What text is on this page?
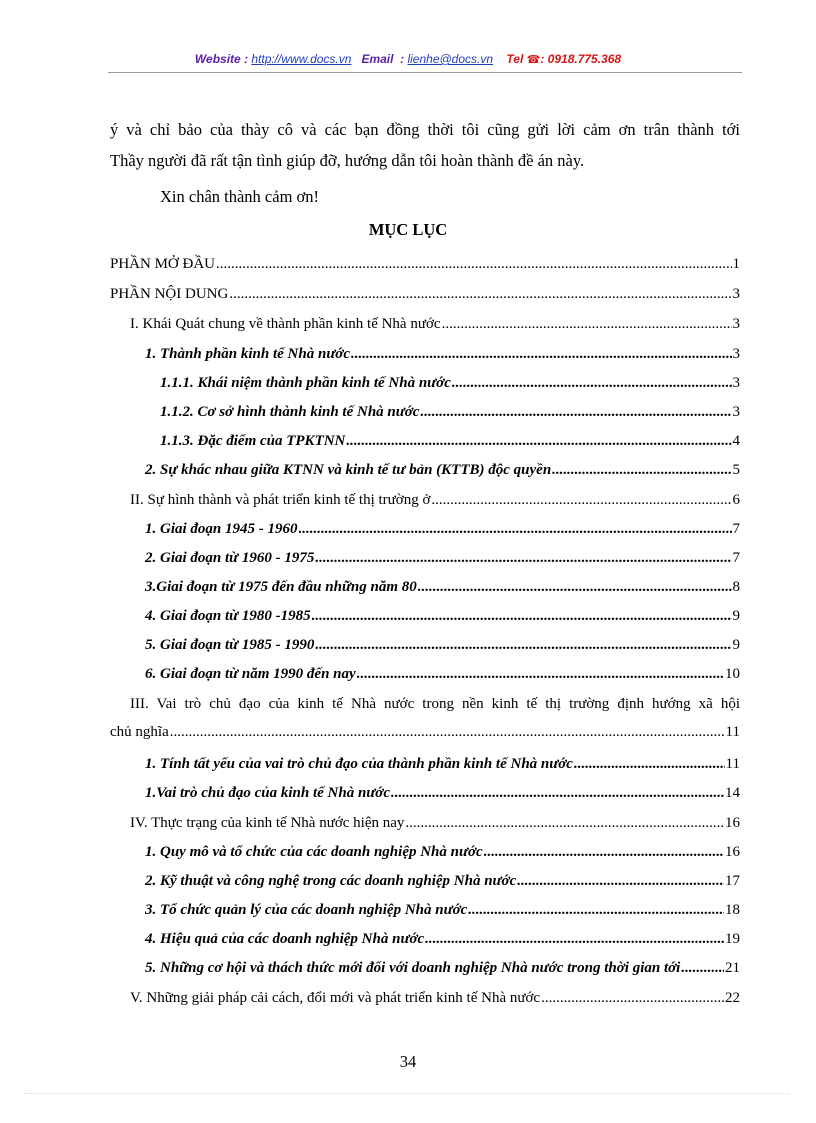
Website : http://www.docs.vn Email : lienhe@docs.vn Tel ☎: 0918.775.368
ý và chỉ bảo của thày cô và các bạn đồng thời tôi cũng gửi lời cảm ơn trân thành tới
Thầy người đã rất tận tình giúp đỡ, hướng dẫn tôi hoàn thành đề án này.
Xin chân thành cảm ơn!
MỤC LỤC
PHẦN MỞ ĐẦU .....	1
PHẦN NỘI DUNG .....	3
I. Khái Quát chung về thành phần kinh tế Nhà nước .....	3
1. Thành phần kinh tế Nhà nước .....	3
1.1.1. Khái niệm thành phần kinh tế Nhà nước .....	3
1.1.2. Cơ sở hình thành kinh tế Nhà nước .....	3
1.1.3. Đặc điểm của TPKTNN .....	4
2. Sự khác nhau giữa KTNN và kinh tế tư bản (KTTB) độc quyền .....	5
II. Sự hình thành và phát triển kinh tế thị trường ở .....	6
1. Giai đoạn 1945 - 1960 .....	7
2. Giai đoạn từ 1960 - 1975 .....	7
3.Giai đoạn từ 1975 đến đầu những năm 80 .....	8
4. Giai đoạn từ 1980 -1985 .....	9
5. Giai đoạn từ 1985 - 1990 .....	9
6. Giai đoạn từ năm 1990 đến nay .....	10
III. Vai trò chủ đạo của kinh tế Nhà nước trong nền kinh tế thị trường định hướng xã hội
chủ nghĩa .....	11
1. Tính tất yếu của vai trò chủ đạo của thành phần kinh tế Nhà nước .....	11
1.Vai trò chủ đạo của kinh tế Nhà nước .....	14
IV. Thực trạng của kinh tế Nhà nước hiện nay .....	16
1. Quy mô và tổ chức của các doanh nghiệp Nhà nước .....	16
2. Kỹ thuật và công nghệ trong các doanh nghiệp Nhà nước .....	17
3. Tổ chức quản lý của các doanh nghiệp Nhà nước .....	18
4. Hiệu quả của các doanh nghiệp Nhà nước .....	19
5. Những cơ hội và thách thức mới đối với doanh nghiệp Nhà nước trong thời gian tới .....	21
V. Những giải pháp cải cách, đổi mới và phát triển kinh tế Nhà nước .....	22
34
